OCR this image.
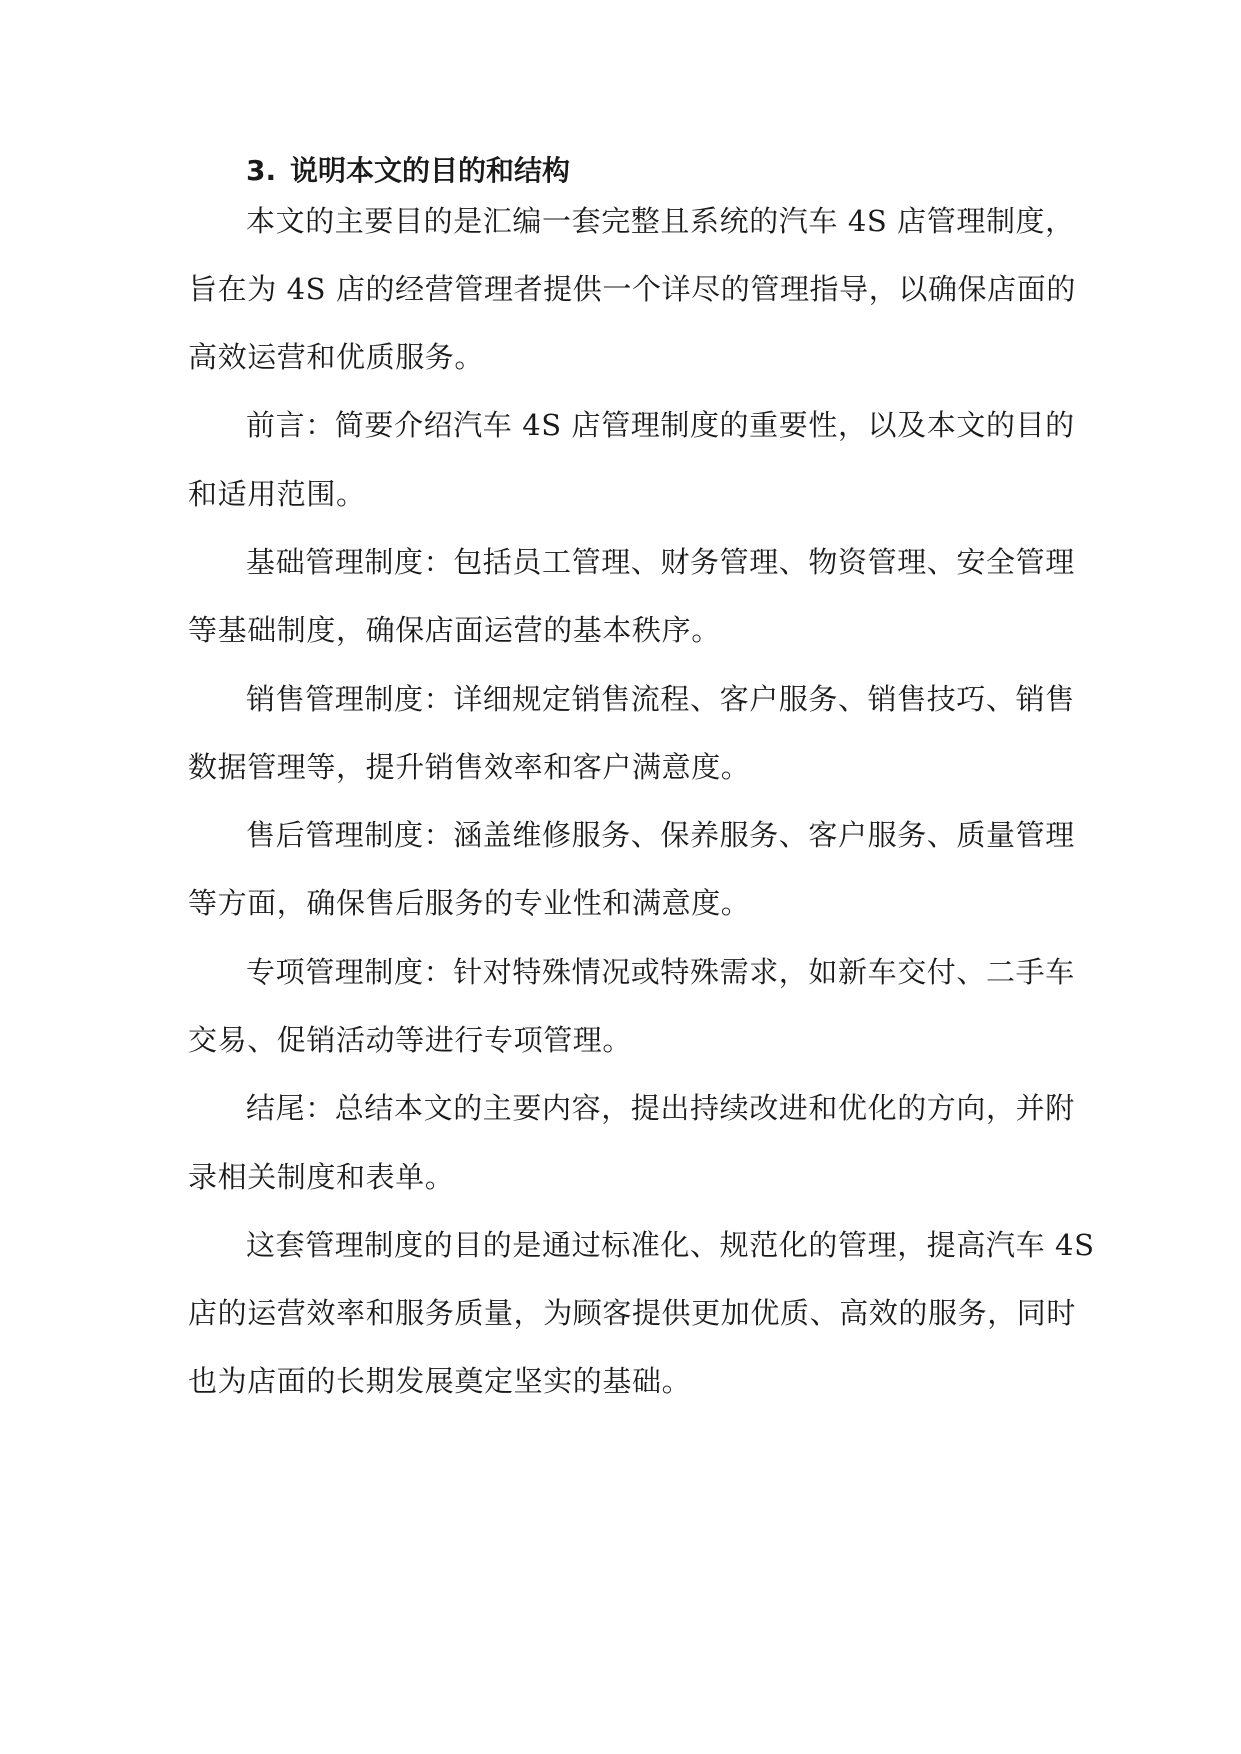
3. 说明本文的目的和结构
本文的主要目的是汇编一套完整且系统的汽车 4S 店管理制度，
旨在为 4S 店的经营管理者提供一个详尽的管理指导，以确保店面的
高效运营和优质服务。
前言：简要介绍汽车 4S 店管理制度的重要性，以及本文的目的
和适用范围。
基础管理制度：包括员工管理、财务管理、物资管理、安全管理
等基础制度，确保店面运营的基本秩序。
销售管理制度：详细规定销售流程、客户服务、销售技巧、销售
数据管理等，提升销售效率和客户满意度。
售后管理制度：涵盖维修服务、保养服务、客户服务、质量管理
等方面，确保售后服务的专业性和满意度。
专项管理制度：针对特殊情况或特殊需求，如新车交付、二手车
交易、促销活动等进行专项管理。
结尾：总结本文的主要内容，提出持续改进和优化的方向，并附
录相关制度和表单。
这套管理制度的目的是通过标准化、规范化的管理，提高汽车 4S
店的运营效率和服务质量，为顾客提供更加优质、高效的服务，同时
也为店面的长期发展奠定坚实的基础。
